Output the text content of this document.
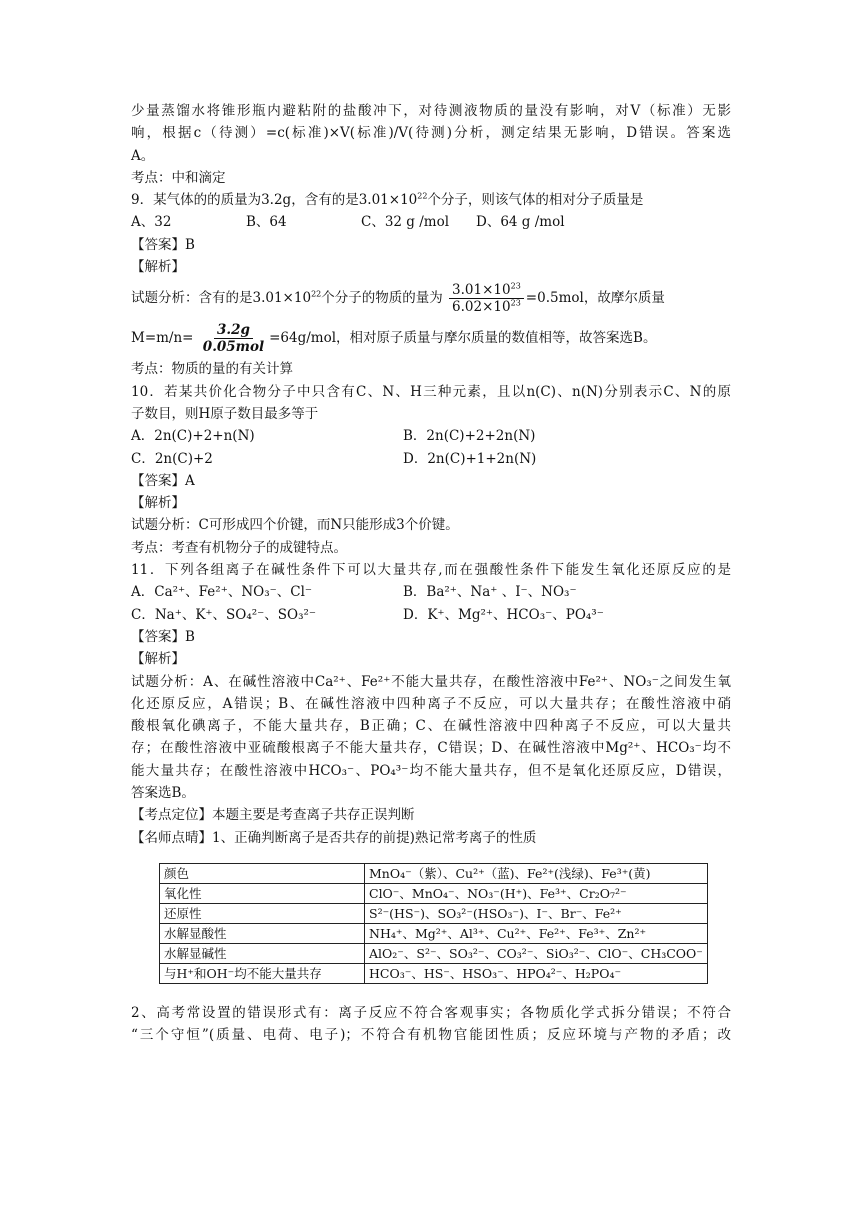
少量蒸馏水将锥形瓶内避粘附的盐酸冲下，对待测液物质的量没有影响，对V（标准）无影
响，根据c（待测）=c(标准)×V(标准)/V(待测)分析，测定结果无影响，D错误。答案选
A。
考点：中和滴定
9．某气体的的质量为3.2g，含有的是$3.01\times 10^{22}$个分子，则该气体的相对分子质量是
A、32	B、64	C、32 g /mol	D、64 g /mol
【答案】B
【解析】
试题分析：含有的是$3.01\times 10^{22}$个分子的物质的量为 $\frac{3.01\times 10^{23}}{6.02\times 10^{23}} =0.5mol$，故摩尔质量
$M=m/n= \frac{3.2g}{\text{0.05mol}} =64g/mol$，相对原子质量与摩尔质量的数值相等，故答案选B。
考点：物质的量的有关计算
10．若某共价化合物分子中只含有C、N、H三种元素，且以n(C)、n(N)分别表示C、N的原
子数目，则H原子数目最多等于
A．2n(C)+2+n(N)	B．2n(C)+2+2n(N)
C．2n(C)+2	D．2n(C)+1+2n(N)
【答案】A
【解析】
试题分析：C可形成四个价键，而N只能形成3个价键。
考点：考查有机物分子的成键特点。
11．下列各组离子在碱性条件下可以大量共存,而在强酸性条件下能发生氧化还原反应的是
A．Ca²⁺、Fe²⁺、NO₃⁻、Cl⁻	B．Ba²⁺、Na⁺ 、I⁻、NO₃⁻
C．Na⁺、K⁺、SO₄²⁻、SO₃²⁻	D．K⁺、Mg²⁺、HCO₃⁻、PO₄³⁻
【答案】B
【解析】
试题分析：A、在碱性溶液中Ca²⁺、Fe²⁺不能大量共存，在酸性溶液中Fe²⁺、NO₃⁻之间发生氧
化还原反应，A错误；B、在碱性溶液中四种离子不反应，可以大量共存；在酸性溶液中硝
酸根氧化碘离子，不能大量共存，B正确；C、在碱性溶液中四种离子不反应，可以大量共
存；在酸性溶液中亚硫酸根离子不能大量共存，C错误；D、在碱性溶液中Mg²⁺、HCO₃⁻均不
能大量共存；在酸性溶液中HCO₃⁻、PO₄³⁻均不能大量共存，但不是氧化还原反应，D错误，
答案选B。
【考点定位】本题主要是考查离子共存正误判断
【名师点晴】1、正确判断离子是否共存的前提)熟记常考离子的性质
颜色	MnO₄⁻（紫）、Cu²⁺（蓝)、Fe²⁺(浅绿)、Fe³⁺(黄)
氧化性	ClO⁻、MnO₄⁻、NO₃⁻(H⁺)、Fe³⁺、Cr₂O₇²⁻
还原性	S²⁻(HS⁻)、SO₃²⁻(HSO₃⁻)、I⁻、Br⁻、Fe²⁺
水解显酸性	NH₄⁺、Mg²⁺、Al³⁺、Cu²⁺、Fe²⁺、Fe³⁺、Zn²⁺
水解显碱性	AlO₂⁻、S²⁻、SO₃²⁻、CO₃²⁻、SiO₃²⁻、ClO⁻、CH₃COO⁻
与H⁺和OH⁻均不能大量共存	HCO₃⁻、HS⁻、HSO₃⁻、HPO₄²⁻、H₂PO₄⁻
2、高考常设置的错误形式有：离子反应不符合客观事实；各物质化学式拆分错误；不符合
“三个守恒”(质量、电荷、电子)；不符合有机物官能团性质；反应环境与产物的矛盾；改
